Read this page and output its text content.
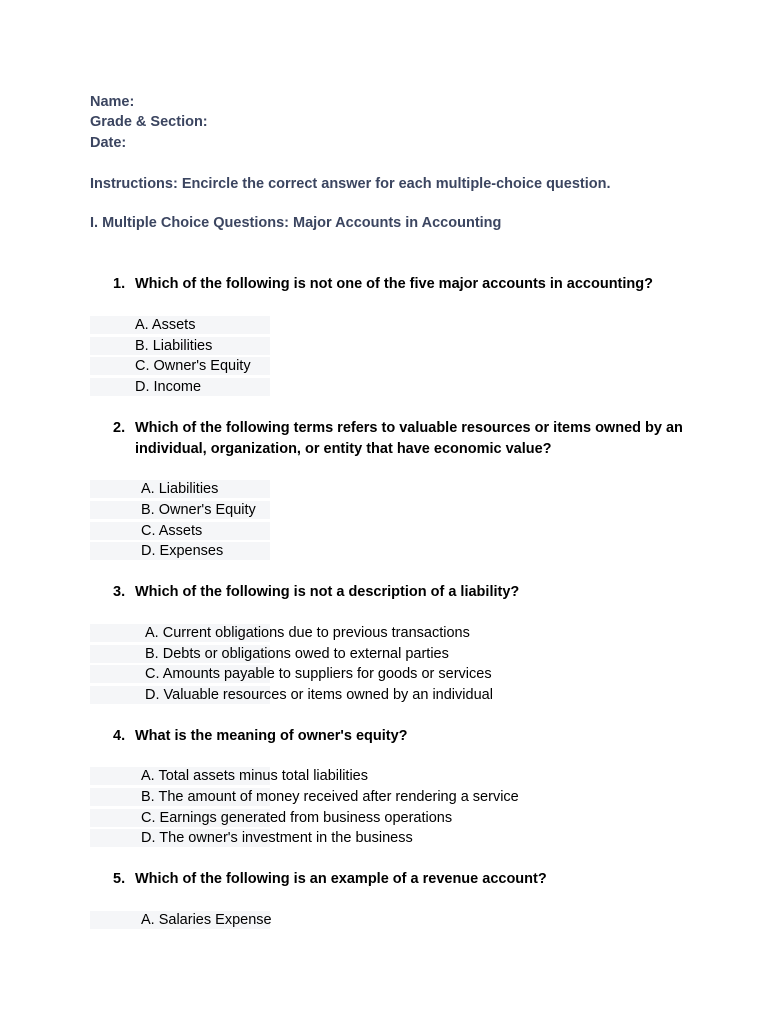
Name:
Grade & Section:
Date:
Instructions: Encircle the correct answer for each multiple-choice question.
I. Multiple Choice Questions: Major Accounts in Accounting
1. Which of the following is not one of the five major accounts in accounting?
A. Assets
B. Liabilities
C. Owner's Equity
D. Income
2. Which of the following terms refers to valuable resources or items owned by an individual, organization, or entity that have economic value?
A. Liabilities
B. Owner's Equity
C. Assets
D. Expenses
3. Which of the following is not a description of a liability?
A. Current obligations due to previous transactions
B. Debts or obligations owed to external parties
C. Amounts payable to suppliers for goods or services
D. Valuable resources or items owned by an individual
4. What is the meaning of owner's equity?
A. Total assets minus total liabilities
B. The amount of money received after rendering a service
C. Earnings generated from business operations
D. The owner's investment in the business
5. Which of the following is an example of a revenue account?
A. Salaries Expense
